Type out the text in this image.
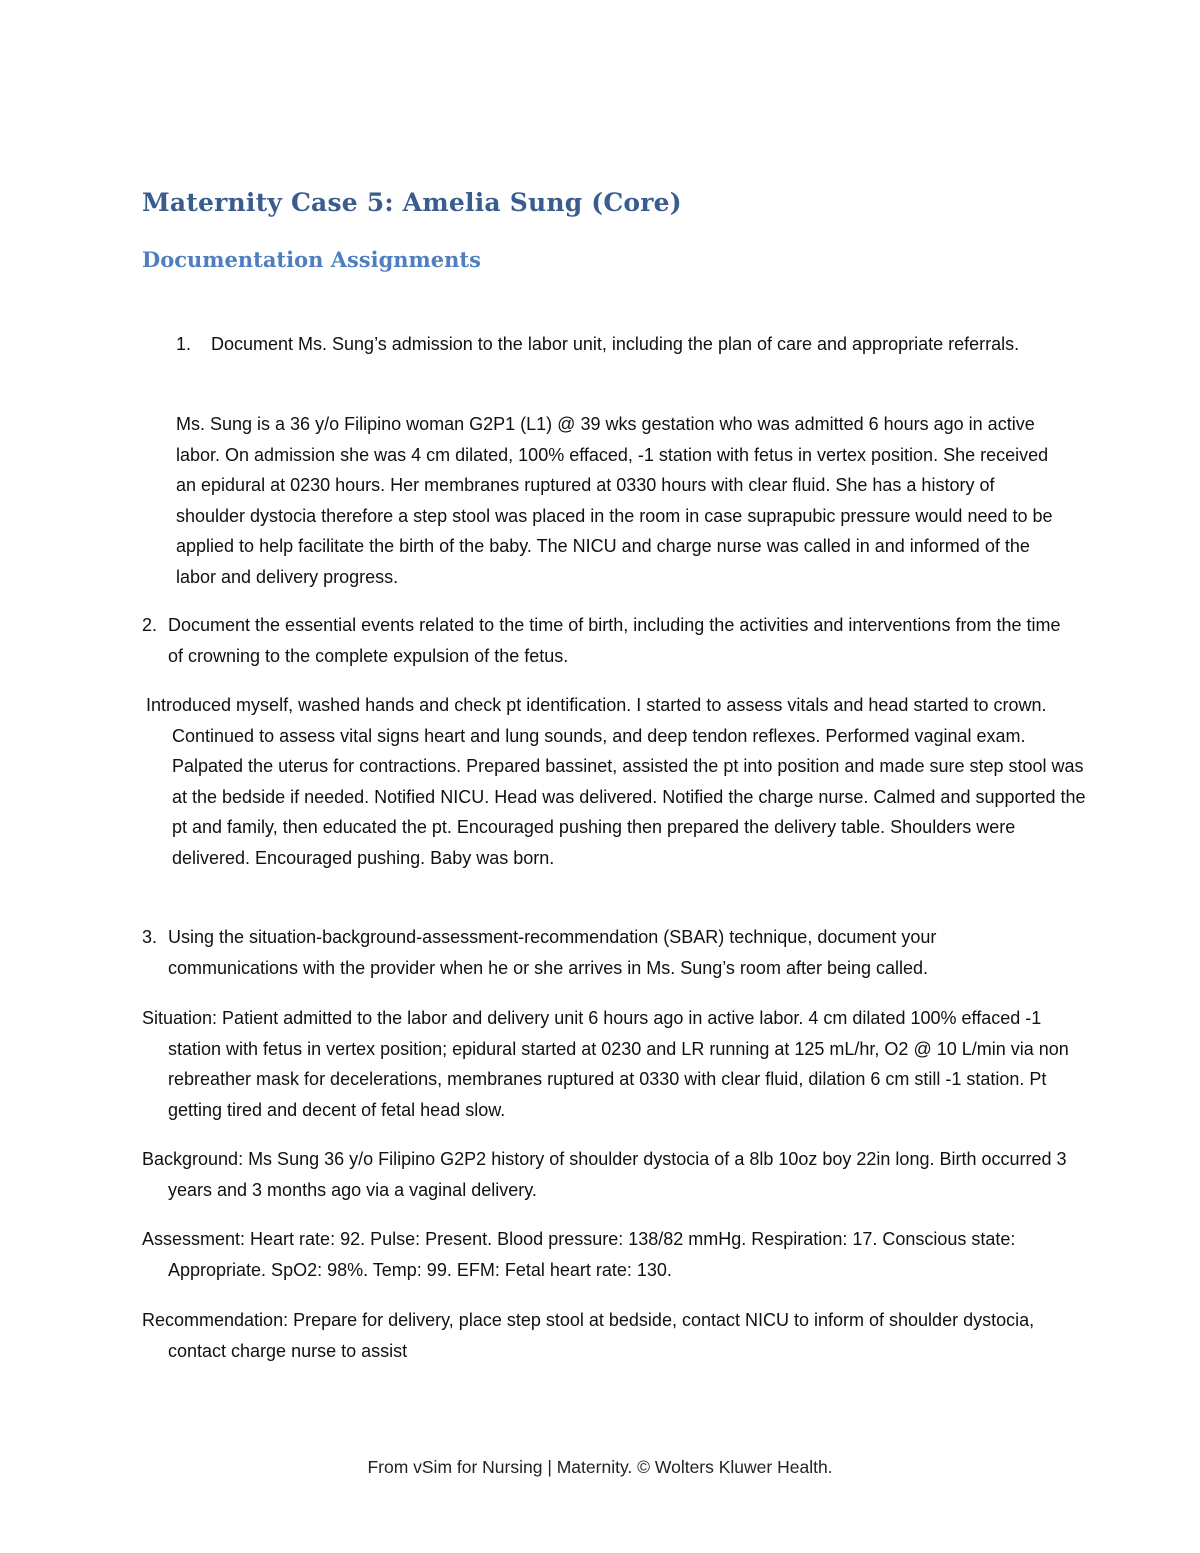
Maternity Case 5: Amelia Sung (Core)
Documentation Assignments
1.	Document Ms. Sung’s admission to the labor unit, including the plan of care and appropriate referrals.
Ms. Sung is a 36 y/o Filipino woman G2P1 (L1) @ 39 wks gestation who was admitted 6 hours ago in active labor. On admission she was 4 cm dilated, 100% effaced, -1 station with fetus in vertex position. She received an epidural at 0230 hours. Her membranes ruptured at 0330 hours with clear fluid. She has a history of shoulder dystocia therefore a step stool was placed in the room in case suprapubic pressure would need to be applied to help facilitate the birth of the baby. The NICU and charge nurse was called in and informed of the labor and delivery progress.
2. Document the essential events related to the time of birth, including the activities and interventions from the time of crowning to the complete expulsion of the fetus.
Introduced myself, washed hands and check pt identification. I started to assess vitals and head started to crown. Continued to assess vital signs heart and lung sounds, and deep tendon reflexes. Performed vaginal exam. Palpated the uterus for contractions. Prepared bassinet, assisted the pt into position and made sure step stool was at the bedside if needed. Notified NICU. Head was delivered. Notified the charge nurse. Calmed and supported the pt and family, then educated the pt. Encouraged pushing then prepared the delivery table. Shoulders were delivered. Encouraged pushing. Baby was born.
3. Using the situation-background-assessment-recommendation (SBAR) technique, document your communications with the provider when he or she arrives in Ms. Sung’s room after being called.
Situation: Patient admitted to the labor and delivery unit 6 hours ago in active labor. 4 cm dilated 100% effaced -1 station with fetus in vertex position; epidural started at 0230 and LR running at 125 mL/hr, O2 @ 10 L/min via non rebreather mask for decelerations, membranes ruptured at 0330 with clear fluid, dilation 6 cm still -1 station. Pt getting tired and decent of fetal head slow.
Background: Ms Sung 36 y/o Filipino G2P2 history of shoulder dystocia of a 8lb 10oz boy 22in long. Birth occurred 3 years and 3 months ago via a vaginal delivery.
Assessment: Heart rate: 92. Pulse: Present. Blood pressure: 138/82 mmHg. Respiration: 17. Conscious state: Appropriate. SpO2: 98%. Temp: 99. EFM: Fetal heart rate: 130.
Recommendation: Prepare for delivery, place step stool at bedside, contact NICU to inform of shoulder dystocia, contact charge nurse to assist
From vSim for Nursing | Maternity. © Wolters Kluwer Health.
